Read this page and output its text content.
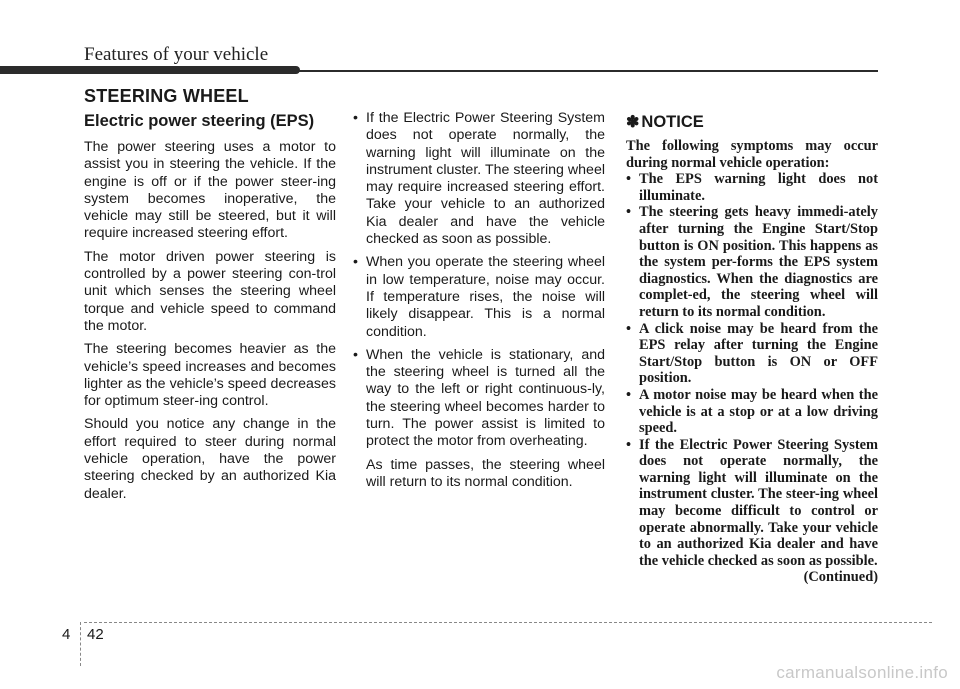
Features of your vehicle
STEERING WHEEL
Electric power steering (EPS)

The power steering uses a motor to assist you in steering the vehicle. If the engine is off or if the power steer-ing system becomes inoperative, the vehicle may still be steered, but it will require increased steering effort.

The motor driven power steering is controlled by a power steering con-trol unit which senses the steering wheel torque and vehicle speed to command the motor.

The steering becomes heavier as the vehicle’s speed increases and becomes lighter as the vehicle’s speed decreases for optimum steer-ing control.

Should you notice any change in the effort required to steer during normal vehicle operation, have the power steering checked by an authorized Kia dealer.

• If the Electric Power Steering System does not operate normally, the warning light will illuminate on the instrument cluster. The steering wheel may require increased steering effort. Take your vehicle to an authorized Kia dealer and have the vehicle checked as soon as possible.
• When you operate the steering wheel in low temperature, noise may occur. If temperature rises, the noise will likely disappear. This is a normal condition.
• When the vehicle is stationary, and the steering wheel is turned all the way to the left or right continuous-ly, the steering wheel becomes harder to turn. The power assist is limited to protect the motor from overheating.

As time passes, the steering wheel will return to its normal condition.

✽ NOTICE

The following symptoms may occur during normal vehicle operation:

• The EPS warning light does not illuminate.
• The steering gets heavy immedi-ately after turning the Engine Start/Stop button is ON position. This happens as the system per-forms the EPS system diagnostics. When the diagnostics are complet-ed, the steering wheel will return to its normal condition.
• A click noise may be heard from the EPS relay after turning the Engine Start/Stop button is ON or OFF position.
• A motor noise may be heard when the vehicle is at a stop or at a low driving speed.
• If the Electric Power Steering System does not operate normally, the warning light will illuminate on the instrument cluster. The steer-ing wheel may become difficult to control or operate abnormally. Take your vehicle to an authorized Kia dealer and have the vehicle checked as soon as possible.

(Continued)

4 42
carmanualsonline.info
